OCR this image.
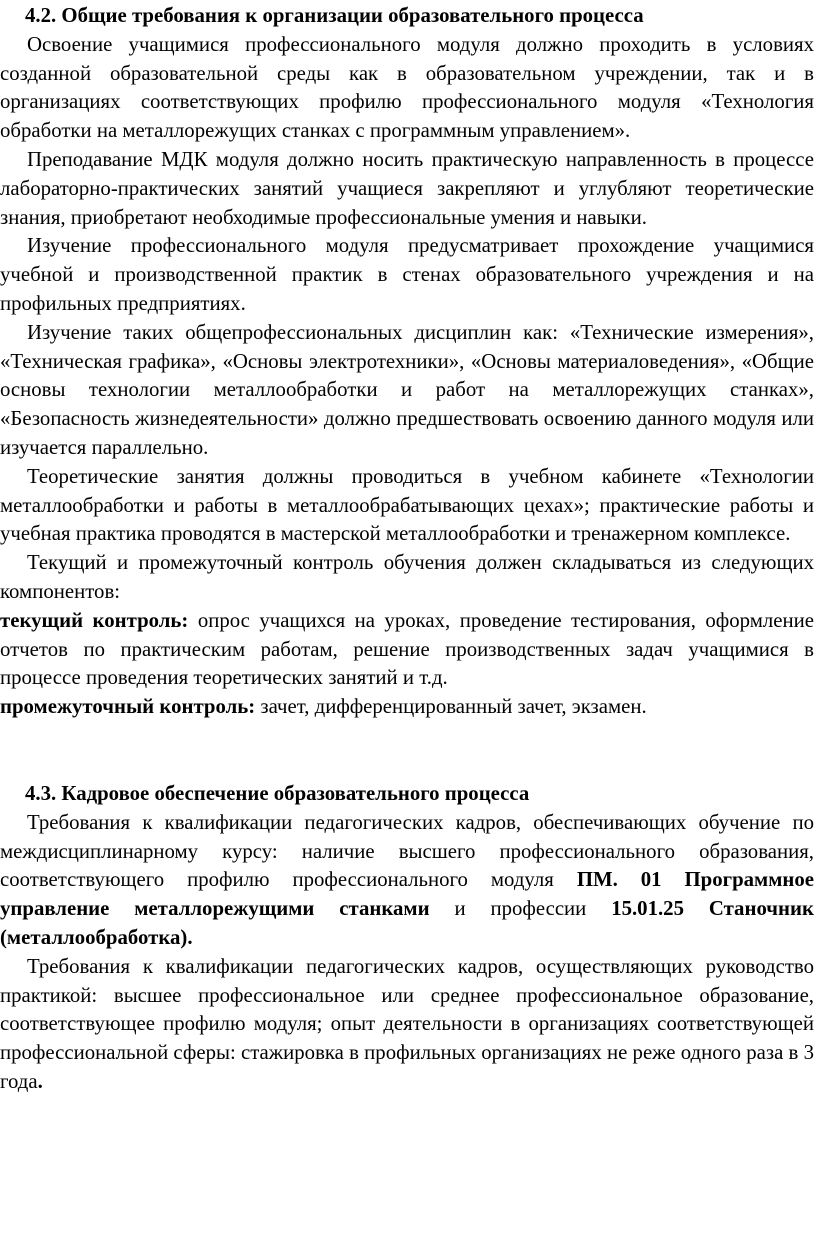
4.2. Общие требования к организации образовательного процесса

Освоение учащимися профессионального модуля должно проходить в условиях созданной образовательной среды как в образовательном учреждении, так и в организациях соответствующих профилю профессионального модуля «Технология обработки на металлорежущих станках с программным управлением».

Преподавание МДК модуля должно носить практическую направленность в процессе лабораторно-практических занятий учащиеся закрепляют и углубляют теоретические знания, приобретают необходимые профессиональные умения и навыки.

Изучение профессионального модуля предусматривает прохождение учащимися учебной и производственной практик в стенах образовательного учреждения и на профильных предприятиях.

Изучение таких общепрофессиональных дисциплин как: «Технические измерения», «Техническая графика», «Основы электротехники», «Основы материаловедения», «Общие основы технологии металлообработки и работ на металлорежущих станках», «Безопасность жизнедеятельности» должно предшествовать освоению данного модуля или изучается параллельно.

Теоретические занятия должны проводиться в учебном кабинете «Технологии металлообработки и работы в металлообрабатывающих цехах»; практические работы и учебная практика проводятся в мастерской металлообработки и тренажерном комплексе.

Текущий и промежуточный контроль обучения должен складываться из следующих компонентов:

текущий контроль: опрос учащихся на уроках, проведение тестирования, оформление отчетов по практическим работам, решение производственных задач учащимися в процессе проведения теоретических занятий и т.д.

промежуточный контроль: зачет, дифференцированный зачет, экзамен.

4.3. Кадровое обеспечение образовательного процесса

Требования к квалификации педагогических кадров, обеспечивающих обучение по междисциплинарному курсу: наличие высшего профессионального образования, соответствующего профилю профессионального модуля ПМ. 01 Программное управление металлорежущими станками и профессии 15.01.25 Станочник (металлообработка).

Требования к квалификации педагогических кадров, осуществляющих руководство практикой: высшее профессиональное или среднее профессиональное образование, соответствующее профилю модуля; опыт деятельности в организациях соответствующей профессиональной сферы: стажировка в профильных организациях не реже одного раза в 3 года.
